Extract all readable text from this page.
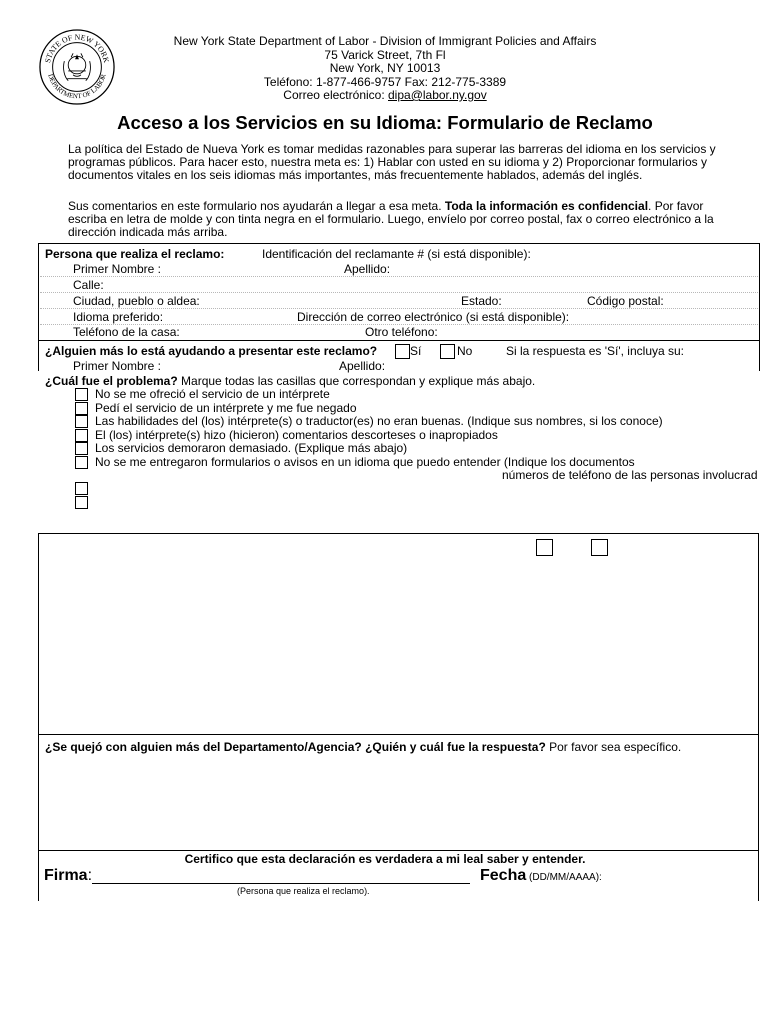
STATE OF NEW YORK
DEPARTMENT OF LABOR
New York State Department of Labor - Division of Immigrant Policies and Affairs
75 Varick Street, 7th Fl
New York, NY 10013
Teléfono: 1-877-466-9757 Fax: 212-775-3389
Correo electrónico: dipa@labor.ny.gov
Acceso a los Servicios en su Idioma: Formulario de Reclamo
La política del Estado de Nueva York es tomar medidas razonables para superar las barreras del idioma en los servicios y programas públicos. Para hacer esto, nuestra meta es: 1) Hablar con usted en su idioma y 2) Proporcionar formularios y documentos vitales en los seis idiomas más importantes, más frecuentemente hablados, además del inglés.
Sus comentarios en este formulario nos ayudarán a llegar a esa meta. Toda la información es confidencial. Por favor escriba en letra de molde y con tinta negra en el formulario. Luego, envíelo por correo postal, fax o correo electrónico a la dirección indicada más arriba.
Persona que realiza el reclamo:	Identificación del reclamante # (si está disponible):
Primer Nombre :	Apellido:
Calle:
Ciudad, pueblo o aldea:	Estado:	Código postal:
Idioma preferido:	Dirección de correo electrónico (si está disponible):
Teléfono de la casa:	Otro teléfono:
¿Alguien más lo está ayudando a presentar este reclamo?	Sí	No	Si la respuesta es 'Sí', incluya su:
Primer Nombre :	Apellido:
¿Cuál fue el problema? Marque todas las casillas que correspondan y explique más abajo.
No se me ofreció el servicio de un intérprete
Pedí el servicio de un intérprete y me fue negado
Las habilidades del (los) intérprete(s) o traductor(es) no eran buenas. (Indique sus nombres, si los conoce)
El (los) intérprete(s) hizo (hicieron) comentarios descorteses o inapropiados
Los servicios demoraron demasiado. (Explique más abajo)
No se me entregaron formularios o avisos en un idioma que puedo entender (Indique los documentos
números de teléfono de las personas involucrad
¿Se quejó con alguien más del Departamento/Agencia? ¿Quién y cuál fue la respuesta? Por favor sea específico.
Certifico que esta declaración es verdadera a mi leal saber y entender.
Firma:
(Persona que realiza el reclamo).
Fecha (DD/MM/AAAA):
